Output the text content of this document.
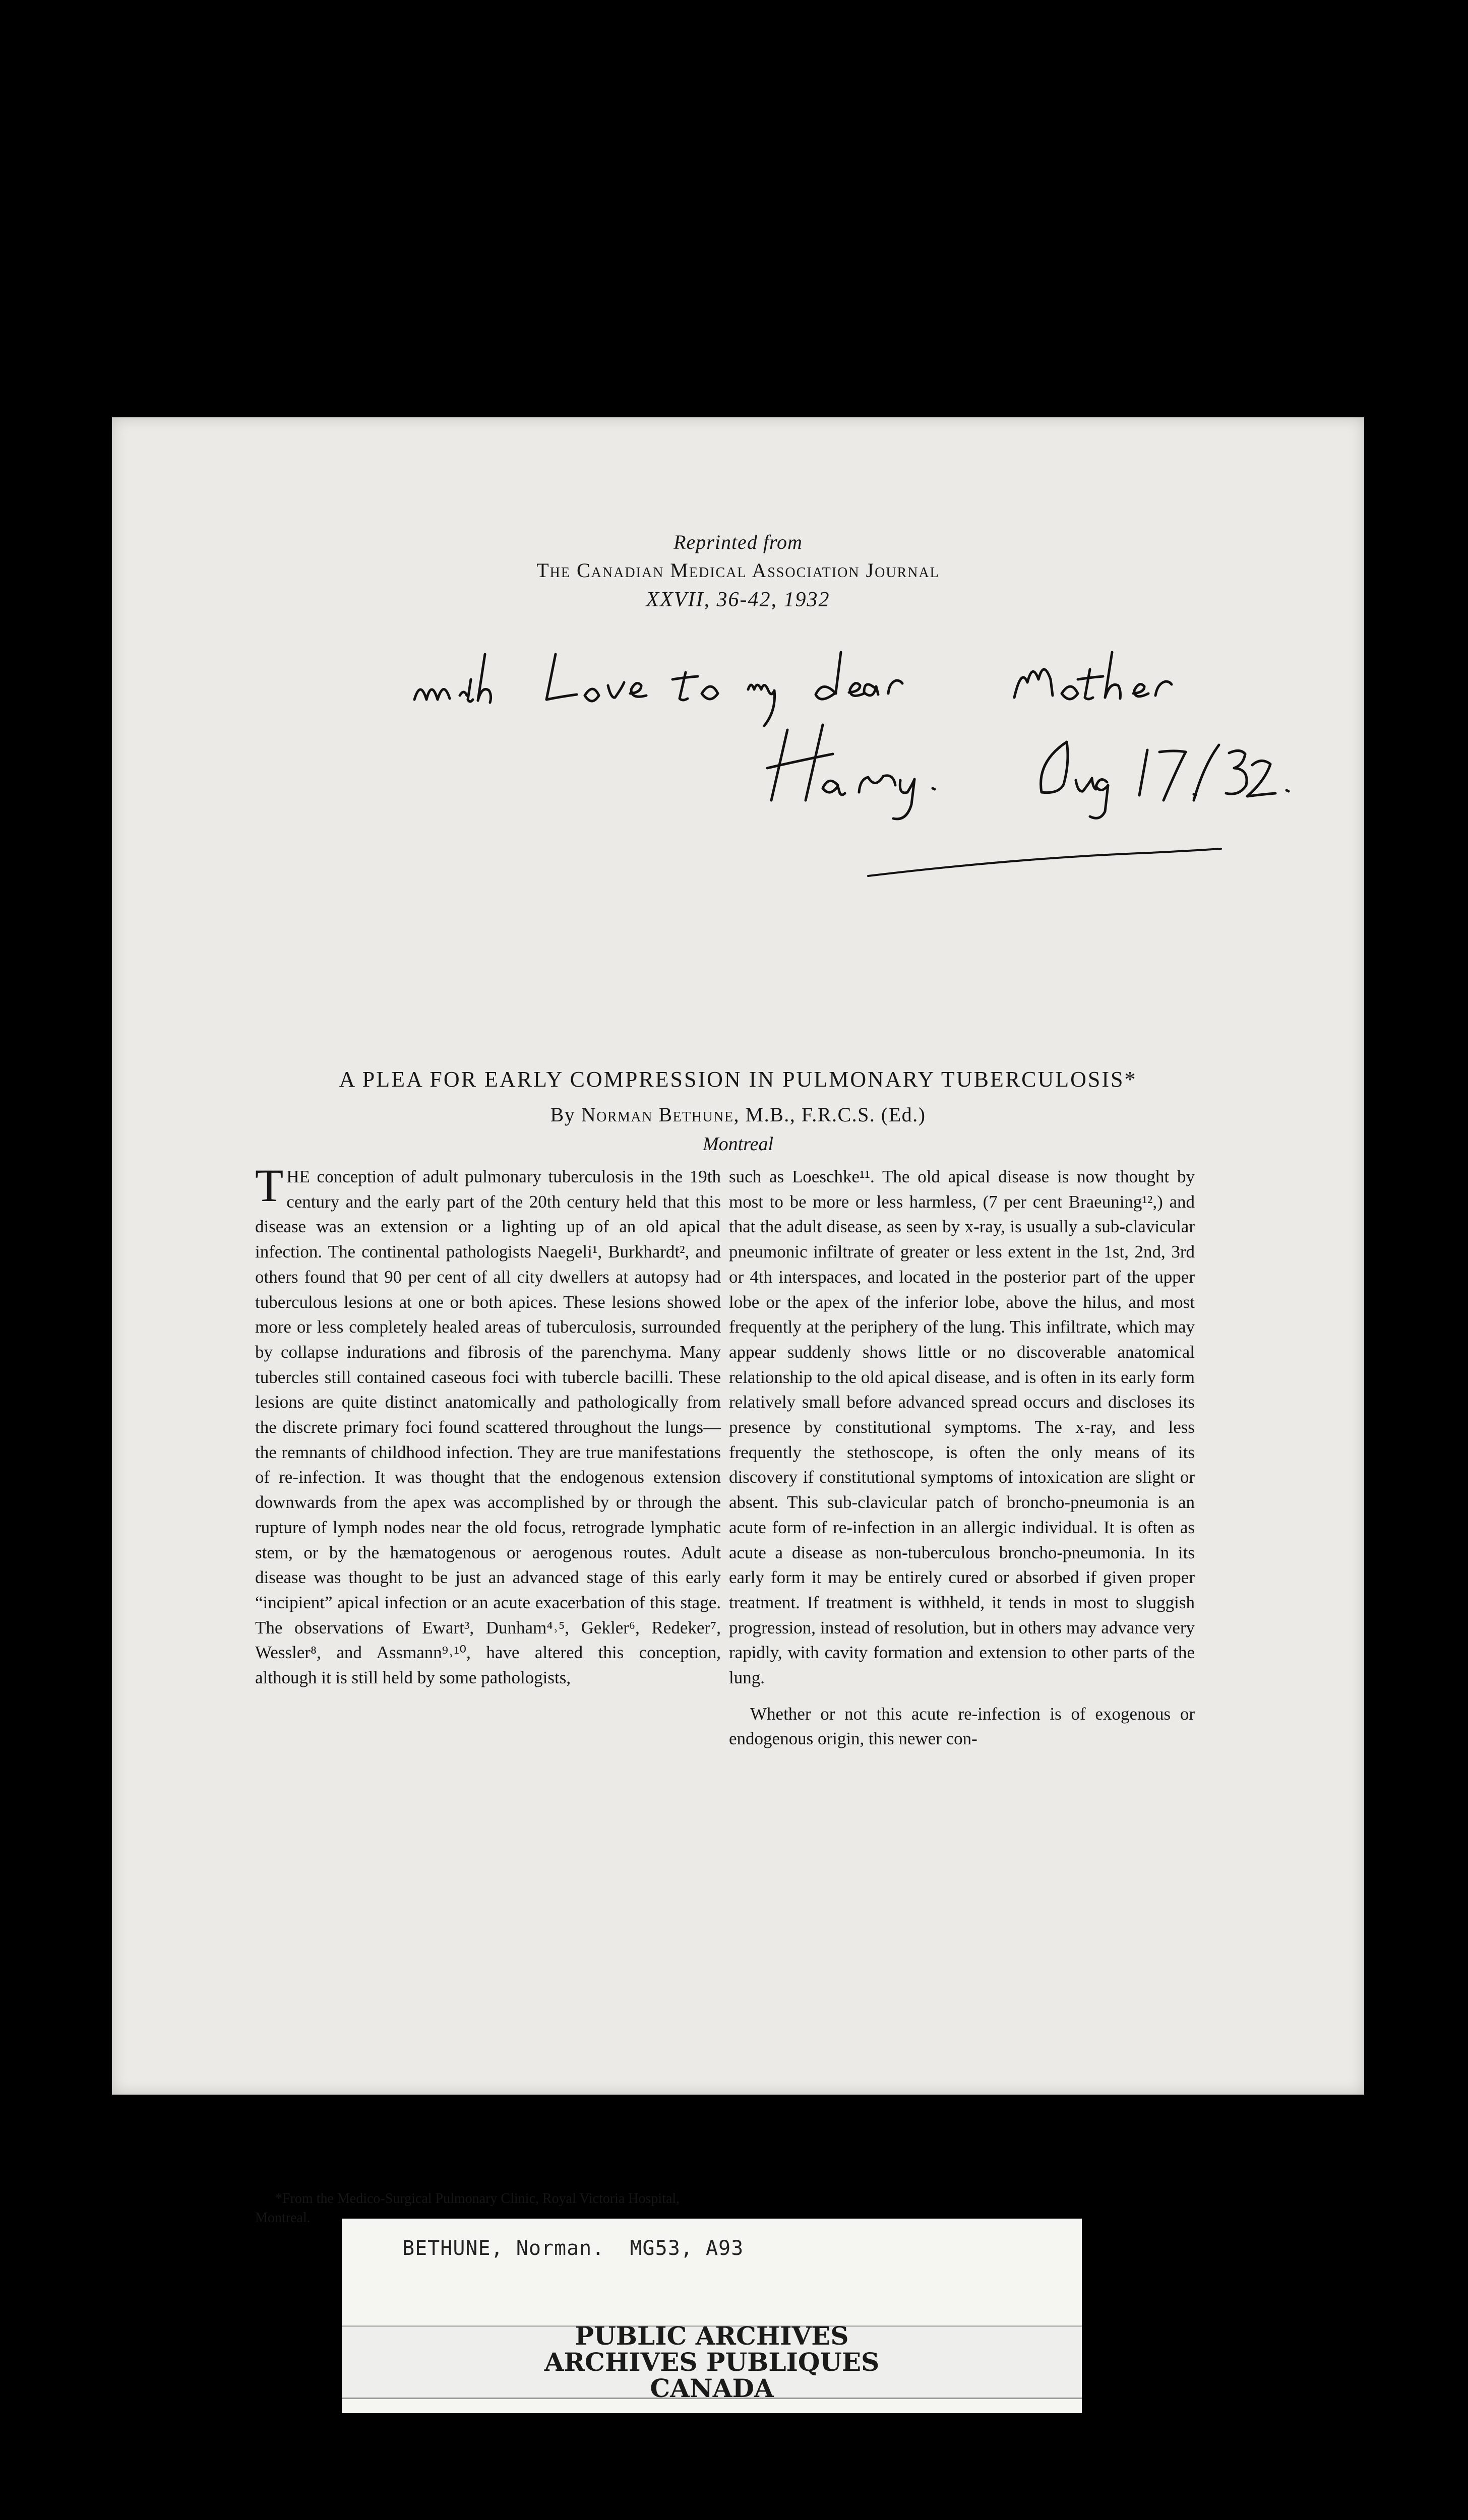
Reprinted from
The Canadian Medical Association Journal
XXVII, 36-42, 1932
A PLEA FOR EARLY COMPRESSION IN PULMONARY TUBERCULOSIS*
By Norman Bethune, M.B., F.R.C.S. (Ed.)
Montreal

THE conception of adult pulmonary tuberculosis in the 19th century and the early part of the 20th century held that this disease was an extension or a lighting up of an old apical infection. The continental pathologists Naegeli¹, Burkhardt², and others found that 90 per cent of all city dwellers at autopsy had tuberculous lesions at one or both apices. These lesions showed more or less completely healed areas of tuberculosis, surrounded by collapse indurations and fibrosis of the parenchyma. Many tubercles still contained caseous foci with tubercle bacilli. These lesions are quite distinct anatomically and pathologically from the discrete primary foci found scattered throughout the lungs—the remnants of childhood infection. They are true manifestations of re-infection. It was thought that the endogenous extension downwards from the apex was accomplished by or through the rupture of lymph nodes near the old focus, retrograde lymphatic stem, or by the hæmatogenous or aerogenous routes. Adult disease was thought to be just an advanced stage of this early “incipient” apical infection or an acute exacerbation of this stage. The observations of Ewart³, Dunham⁴˒⁵, Gekler⁶, Redeker⁷, Wessler⁸, and Assmann⁹˒¹⁰, have altered this conception, although it is still held by some pathologists,

such as Loeschke¹¹. The old apical disease is now thought by most to be more or less harmless, (7 per cent Braeuning¹²,) and that the adult disease, as seen by x-ray, is usually a sub-clavicular pneumonic infiltrate of greater or less extent in the 1st, 2nd, 3rd or 4th interspaces, and located in the posterior part of the upper lobe or the apex of the inferior lobe, above the hilus, and most frequently at the periphery of the lung. This infiltrate, which may appear suddenly shows little or no discoverable anatomical relationship to the old apical disease, and is often in its early form relatively small before advanced spread occurs and discloses its presence by constitutional symptoms. The x-ray, and less frequently the stethoscope, is often the only means of its discovery if constitutional symptoms of intoxication are slight or absent. This sub-clavicular patch of broncho-pneumonia is an acute form of re-infection in an allergic individual. It is often as acute a disease as non-tuberculous broncho-pneumonia. In its early form it may be entirely cured or absorbed if given proper treatment. If treatment is withheld, it tends in most to sluggish progression, instead of resolution, but in others may advance very rapidly, with cavity formation and extension to other parts of the lung.

Whether or not this acute re-infection is of exogenous or endogenous origin, this newer con-

*From the Medico-Surgical Pulmonary Clinic, Royal Victoria Hospital, Montreal.
BETHUNE, Norman.  MG53, A93
PUBLIC ARCHIVES
ARCHIVES PUBLIQUES
CANADA
